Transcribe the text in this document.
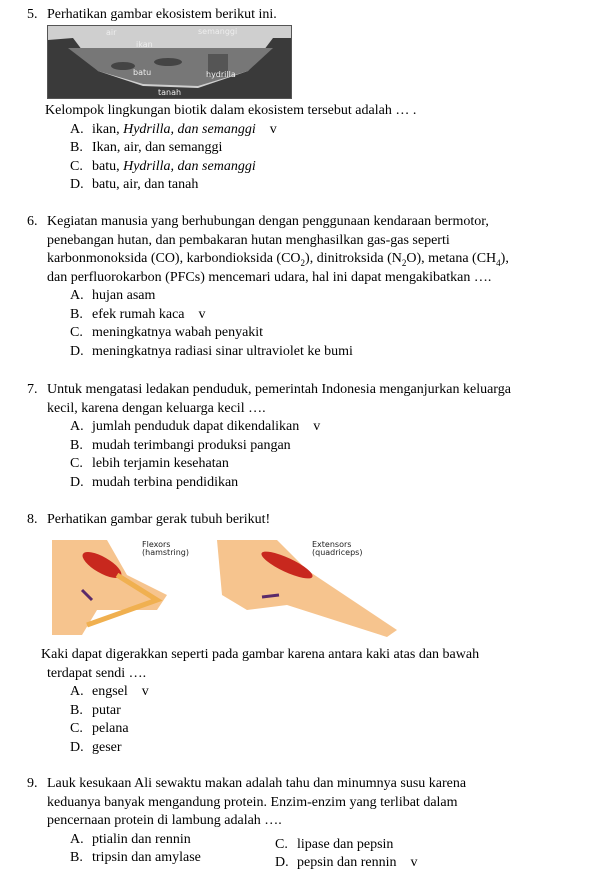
5. Perhatikan gambar ekosistem berikut ini.
air	semanggi
ikan
batu	hydrilla
tanah
Kelompok lingkungan biotik dalam ekosistem tersebut adalah … .
A. ikan,
Hydrilla, dan semanggi v
B. Ikan, air, dan semanggi
C. batu,
Hydrilla, dan semanggi
D. batu, air, dan tanah
6. Kegiatan manusia yang berhubungan dengan penggunaan kendaraan bermotor,
penebangan hutan, dan pembakaran hutan menghasilkan gas-gas seperti
karbonmonoksida (CO), karbondioksida $(CO_2)$, dinitroksida $(N_2O)$, metana $(CH_4)$,
dan perfluorokarbon (PFCs) mencemari udara, hal ini dapat mengakibatkan ….
A. hujan asam
B. efek rumah kaca v
C. meningkatnya wabah penyakit
D. meningkatnya radiasi sinar ultraviolet ke bumi
7. Untuk mengatasi ledakan penduduk, pemerintah Indonesia menganjurkan keluarga
kecil, karena dengan keluarga kecil ….
A. jumlah penduduk dapat dikendalikan v
B. mudah terimbangi produksi pangan
C. lebih terjamin kesehatan
D. mudah terbina pendidikan
8. Perhatikan gambar gerak tubuh berikut!
Flexors
(hamstring)
Extensors
(quadriceps)
Kaki dapat digerakkan seperti pada gambar karena antara kaki atas dan bawah
terdapat sendi ….
A. engsel v
B. putar
C. pelana
D. geser
9. Lauk kesukaan Ali sewaktu makan adalah tahu dan minumnya susu karena
keduanya banyak mengandung protein. Enzim-enzim yang terlibat dalam
pencernaan protein di lambung adalah ….
A. ptialin dan rennin
B. tripsin dan amylase
C. lipase dan pepsin
D. pepsin dan rennin v
